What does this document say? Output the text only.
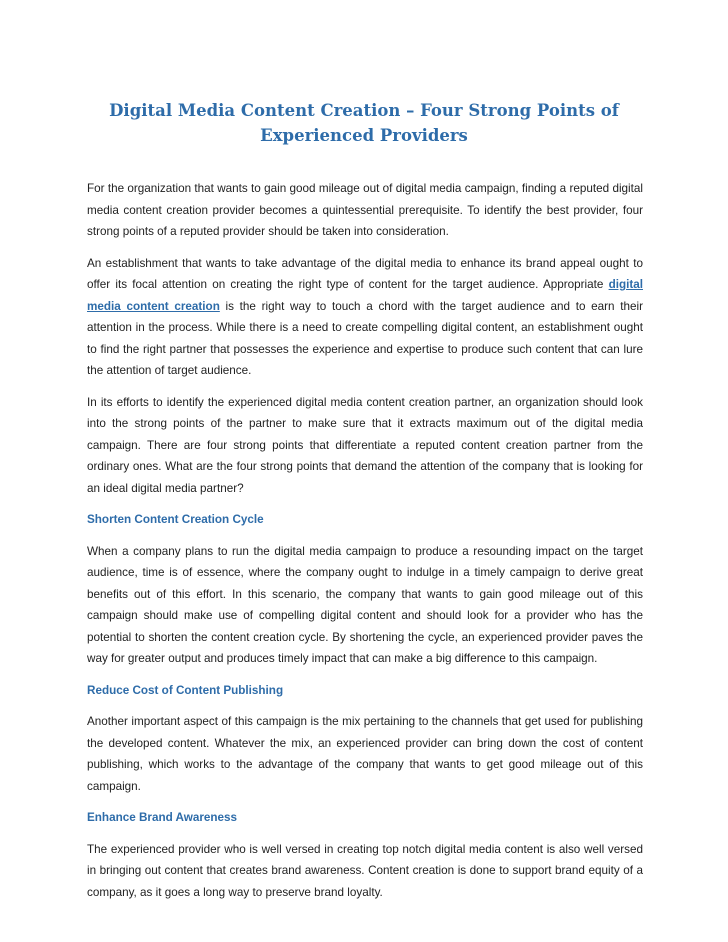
Digital Media Content Creation – Four Strong Points of
Experienced Providers

For the organization that wants to gain good mileage out of digital media campaign, finding a reputed digital media content creation provider becomes a quintessential prerequisite. To identify the best provider, four strong points of a reputed provider should be taken into consideration.

An establishment that wants to take advantage of the digital media to enhance its brand appeal ought to offer its focal attention on creating the right type of content for the target audience. Appropriate digital media content creation is the right way to touch a chord with the target audience and to earn their attention in the process. While there is a need to create compelling digital content, an establishment ought to find the right partner that possesses the experience and expertise to produce such content that can lure the attention of target audience.

In its efforts to identify the experienced digital media content creation partner, an organization should look into the strong points of the partner to make sure that it extracts maximum out of the digital media campaign. There are four strong points that differentiate a reputed content creation partner from the ordinary ones. What are the four strong points that demand the attention of the company that is looking for an ideal digital media partner?

Shorten Content Creation Cycle

When a company plans to run the digital media campaign to produce a resounding impact on the target audience, time is of essence, where the company ought to indulge in a timely campaign to derive great benefits out of this effort. In this scenario, the company that wants to gain good mileage out of this campaign should make use of compelling digital content and should look for a provider who has the potential to shorten the content creation cycle. By shortening the cycle, an experienced provider paves the way for greater output and produces timely impact that can make a big difference to this campaign.

Reduce Cost of Content Publishing

Another important aspect of this campaign is the mix pertaining to the channels that get used for publishing the developed content. Whatever the mix, an experienced provider can bring down the cost of content publishing, which works to the advantage of the company that wants to get good mileage out of this campaign.

Enhance Brand Awareness

The experienced provider who is well versed in creating top notch digital media content is also well versed in bringing out content that creates brand awareness. Content creation is done to support brand equity of a company, as it goes a long way to preserve brand loyalty.
